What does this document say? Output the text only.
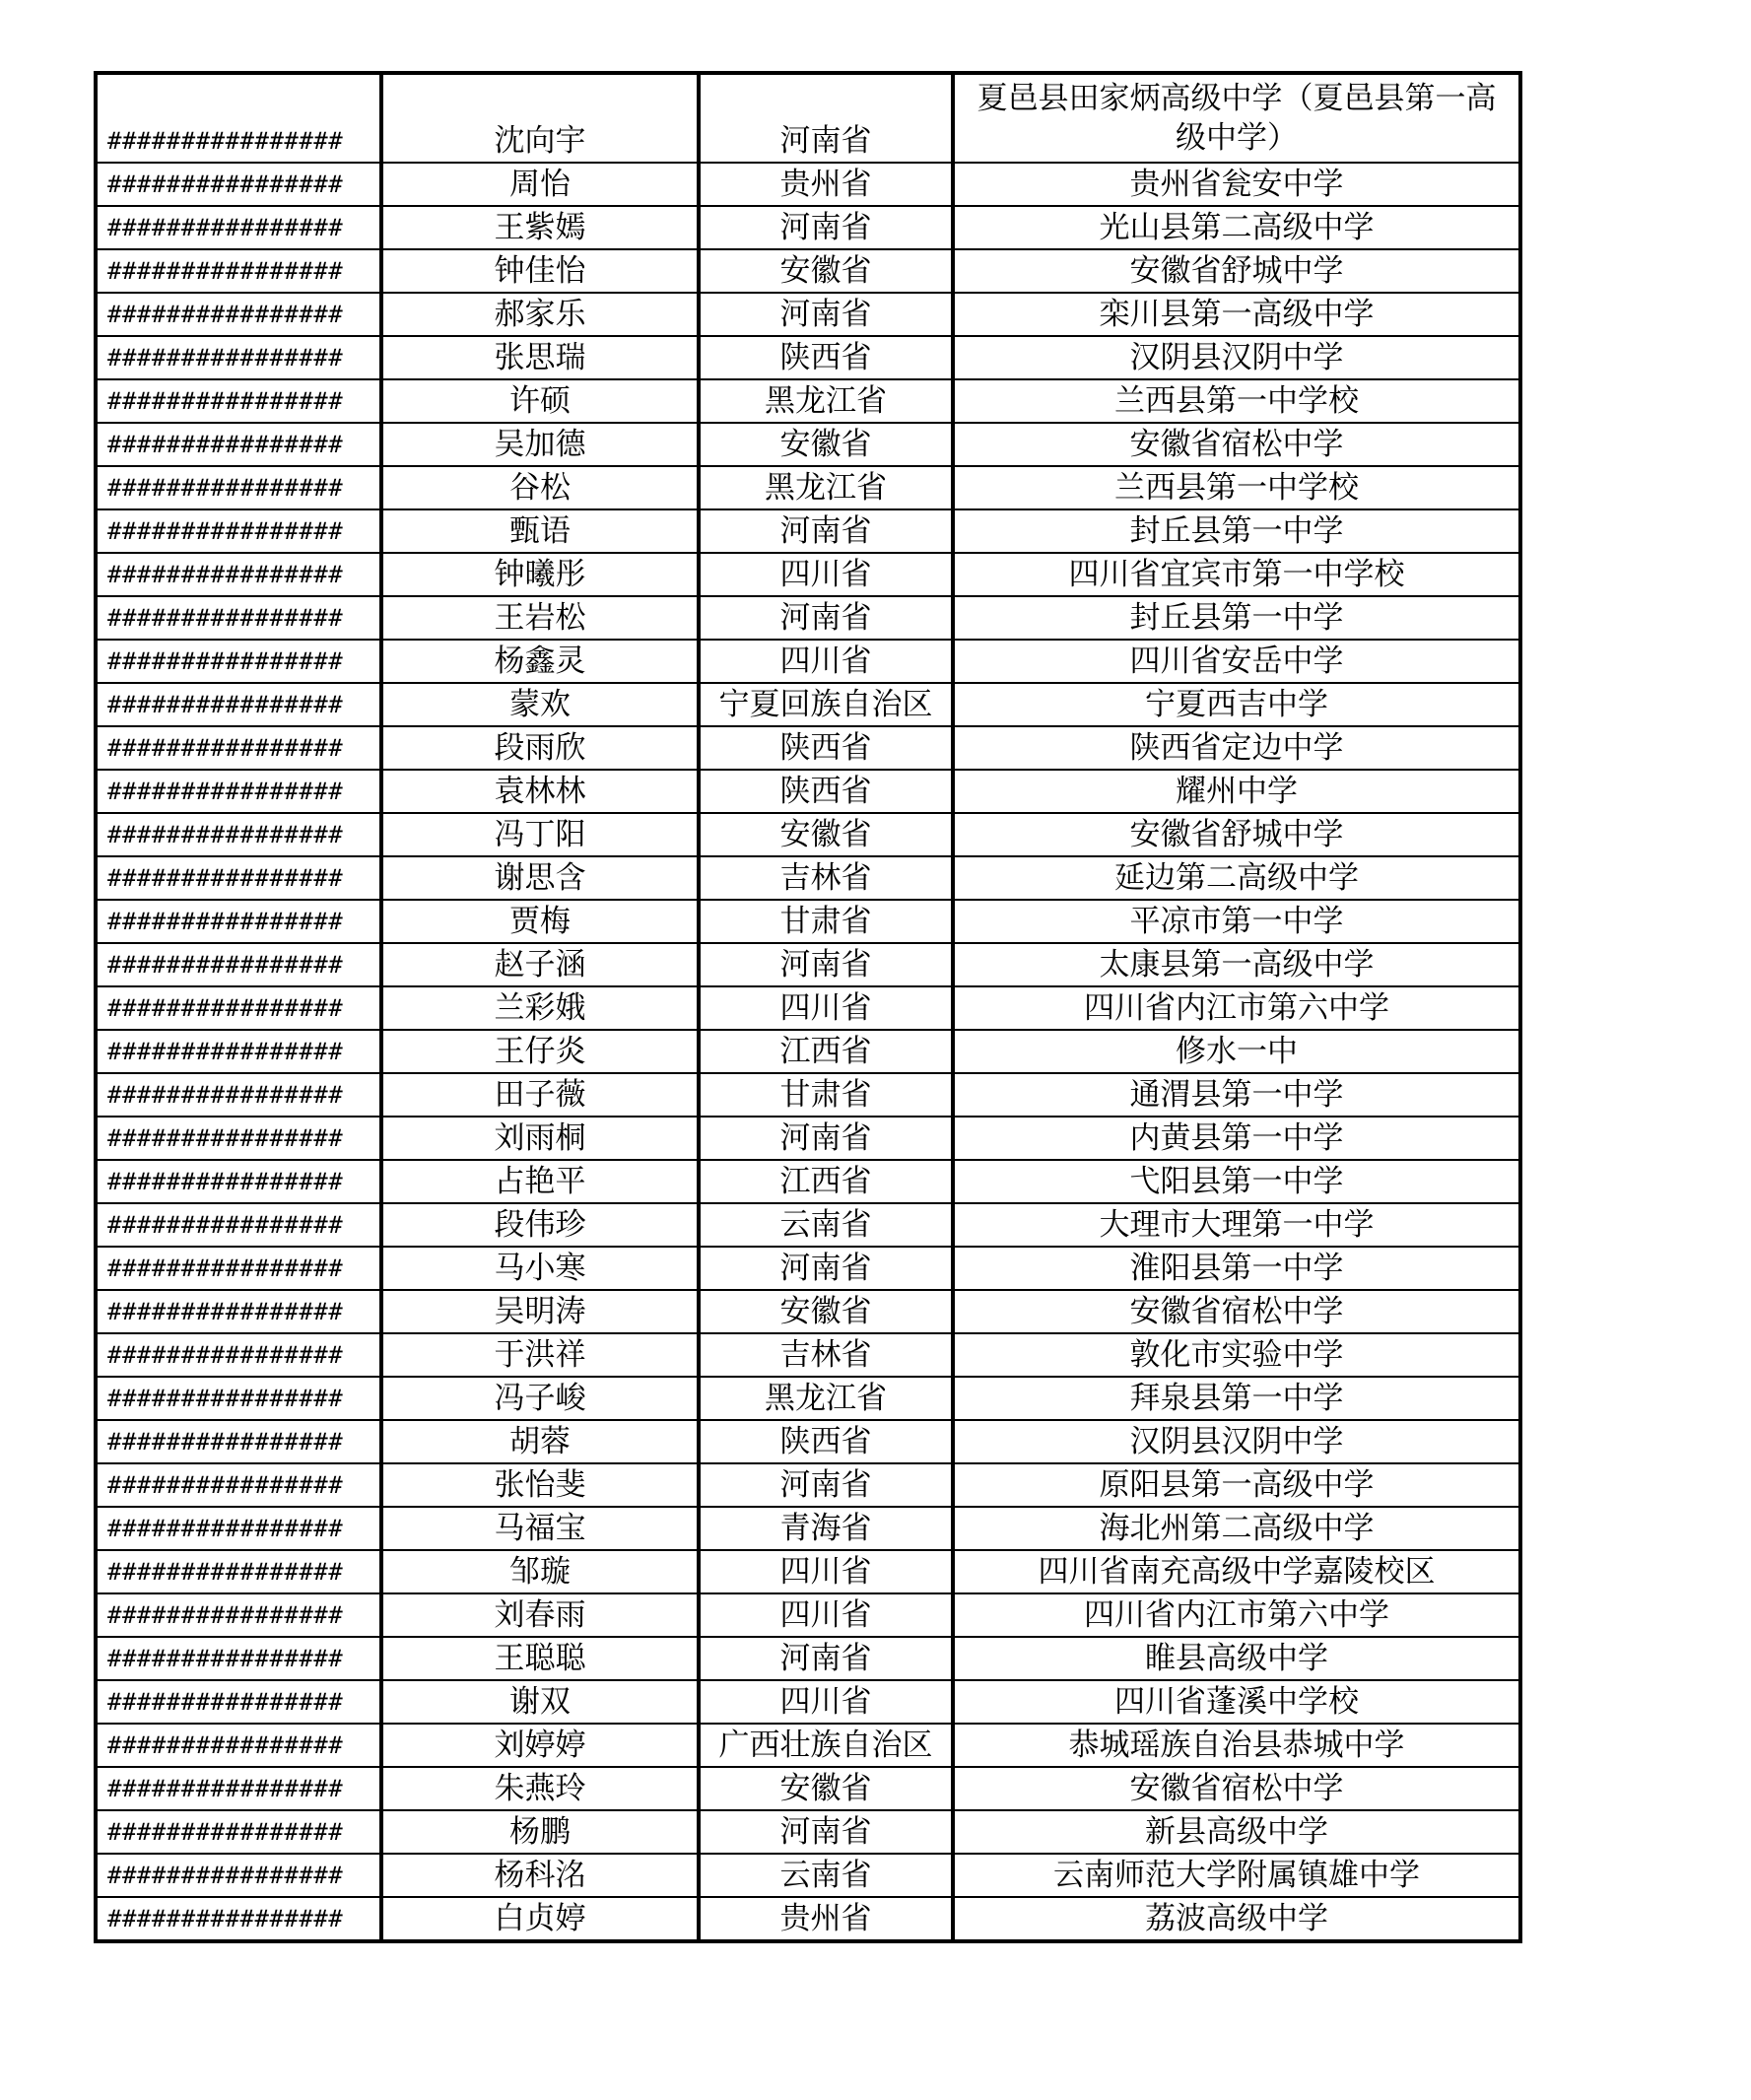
################	沈向宇	河南省	夏邑县田家炳高级中学（夏邑县第一高级中学）
################	周怡	贵州省	贵州省瓮安中学
################	王紫嫣	河南省	光山县第二高级中学
################	钟佳怡	安徽省	安徽省舒城中学
################	郝家乐	河南省	栾川县第一高级中学
################	张思瑞	陕西省	汉阴县汉阴中学
################	许硕	黑龙江省	兰西县第一中学校
################	吴加德	安徽省	安徽省宿松中学
################	谷松	黑龙江省	兰西县第一中学校
################	甄语	河南省	封丘县第一中学
################	钟曦彤	四川省	四川省宜宾市第一中学校
################	王岩松	河南省	封丘县第一中学
################	杨鑫灵	四川省	四川省安岳中学
################	蒙欢	宁夏回族自治区	宁夏西吉中学
################	段雨欣	陕西省	陕西省定边中学
################	袁林林	陕西省	耀州中学
################	冯丁阳	安徽省	安徽省舒城中学
################	谢思含	吉林省	延边第二高级中学
################	贾梅	甘肃省	平凉市第一中学
################	赵子涵	河南省	太康县第一高级中学
################	兰彩娥	四川省	四川省内江市第六中学
################	王仔炎	江西省	修水一中
################	田子薇	甘肃省	通渭县第一中学
################	刘雨桐	河南省	内黄县第一中学
################	占艳平	江西省	弋阳县第一中学
################	段伟珍	云南省	大理市大理第一中学
################	马小寒	河南省	淮阳县第一中学
################	吴明涛	安徽省	安徽省宿松中学
################	于洪祥	吉林省	敦化市实验中学
################	冯子峻	黑龙江省	拜泉县第一中学
################	胡蓉	陕西省	汉阴县汉阴中学
################	张怡斐	河南省	原阳县第一高级中学
################	马福宝	青海省	海北州第二高级中学
################	邹璇	四川省	四川省南充高级中学嘉陵校区
################	刘春雨	四川省	四川省内江市第六中学
################	王聪聪	河南省	睢县高级中学
################	谢双	四川省	四川省蓬溪中学校
################	刘婷婷	广西壮族自治区	恭城瑶族自治县恭城中学
################	朱燕玲	安徽省	安徽省宿松中学
################	杨鹏	河南省	新县高级中学
################	杨科洺	云南省	云南师范大学附属镇雄中学
################	白贞婷	贵州省	荔波高级中学
